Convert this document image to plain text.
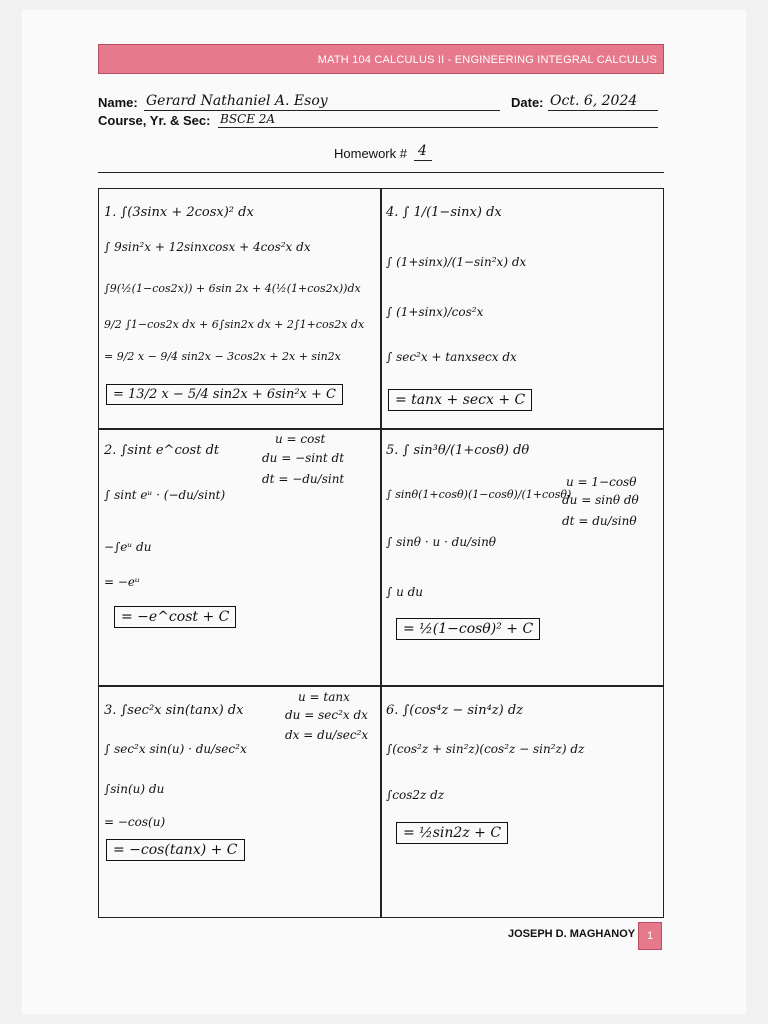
MATH 104 CALCULUS II - ENGINEERING INTEGRAL CALCULUS
Name: Gerard Nathaniel A. Esoy	Date: Oct. 6, 2024
Course, Yr. & Sec: BSCE 2A
Homework # 4
1. ∫(3sinx + 2cosx)² dx
∫ 9sin²x + 12sinxcosx + 4cos²x dx
∫9(½(1−cos2x)) + 6sin 2x + 4(½(1+cos2x))dx
9/2 ∫1−cos2x dx + 6∫sin2x dx + 2∫1+cos2x dx
= 9/2 x − 9/4 sin2x − 3cos2x + 2x + sin2x
= 13/2 x − 5/4 sin2x + 6sin²x + C
4. ∫ 1/(1−sinx) dx
∫ (1+sinx)/(1−sin²x) dx
∫ (1+sinx)/cos²x
∫ sec²x + tanxsecx dx
= tanx + secx + C
2. ∫sint e^cost dt
∫ sint eᵘ · (−du/sint)
−∫eᵘ du
= −eᵘ
= −e^cost + C
u = cost
du = −sint dt
dt = −du/sint
5. ∫ sin³θ/(1+cosθ) dθ
∫ sinθ(1+cosθ)(1−cosθ)/(1+cosθ)
∫ sinθ · u · du/sinθ
∫ u du
= ½(1−cosθ)² + C
u = 1−cosθ
du = sinθ dθ
dt = du/sinθ
3. ∫sec²x sin(tanx) dx
∫ sec²x sin(u) · du/sec²x
∫sin(u) du
= −cos(u)
= −cos(tanx) + C
u = tanx
du = sec²x dx
dx = du/sec²x
6. ∫(cos⁴z − sin⁴z) dz
∫(cos²z + sin²z)(cos²z − sin²z) dz
∫cos2z dz
= ½sin2z + C
JOSEPH D. MAGHANOY	1
